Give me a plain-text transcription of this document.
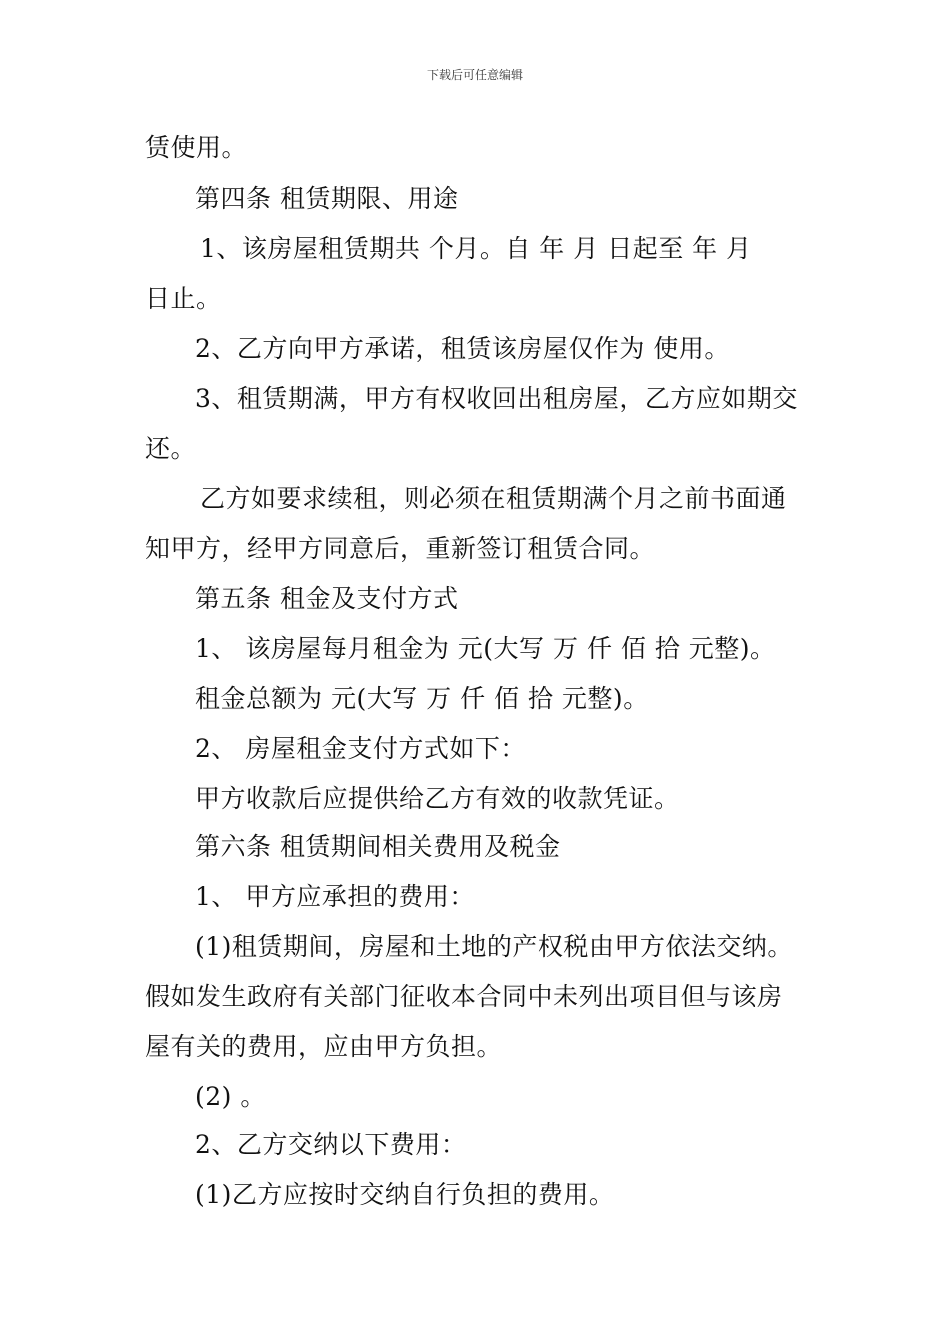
下载后可任意编辑
赁使用。
第四条 租赁期限、用途
1、该房屋租赁期共 个月。自 年 月 日起至 年 月
日止。
2、乙方向甲方承诺，租赁该房屋仅作为 使用。
3、租赁期满，甲方有权收回出租房屋，乙方应如期交
还。
乙方如要求续租，则必须在租赁期满个月之前书面通
知甲方，经甲方同意后，重新签订租赁合同。
第五条 租金及支付方式
1、 该房屋每月租金为 元(大写 万 仟 佰 拾 元整)。
租金总额为 元(大写 万 仟 佰 拾 元整)。
2、 房屋租金支付方式如下：
甲方收款后应提供给乙方有效的收款凭证。
第六条 租赁期间相关费用及税金
1、 甲方应承担的费用：
(1)租赁期间，房屋和土地的产权税由甲方依法交纳。
假如发生政府有关部门征收本合同中未列出项目但与该房
屋有关的费用，应由甲方负担。
(2) 。
2、乙方交纳以下费用：
(1)乙方应按时交纳自行负担的费用。
